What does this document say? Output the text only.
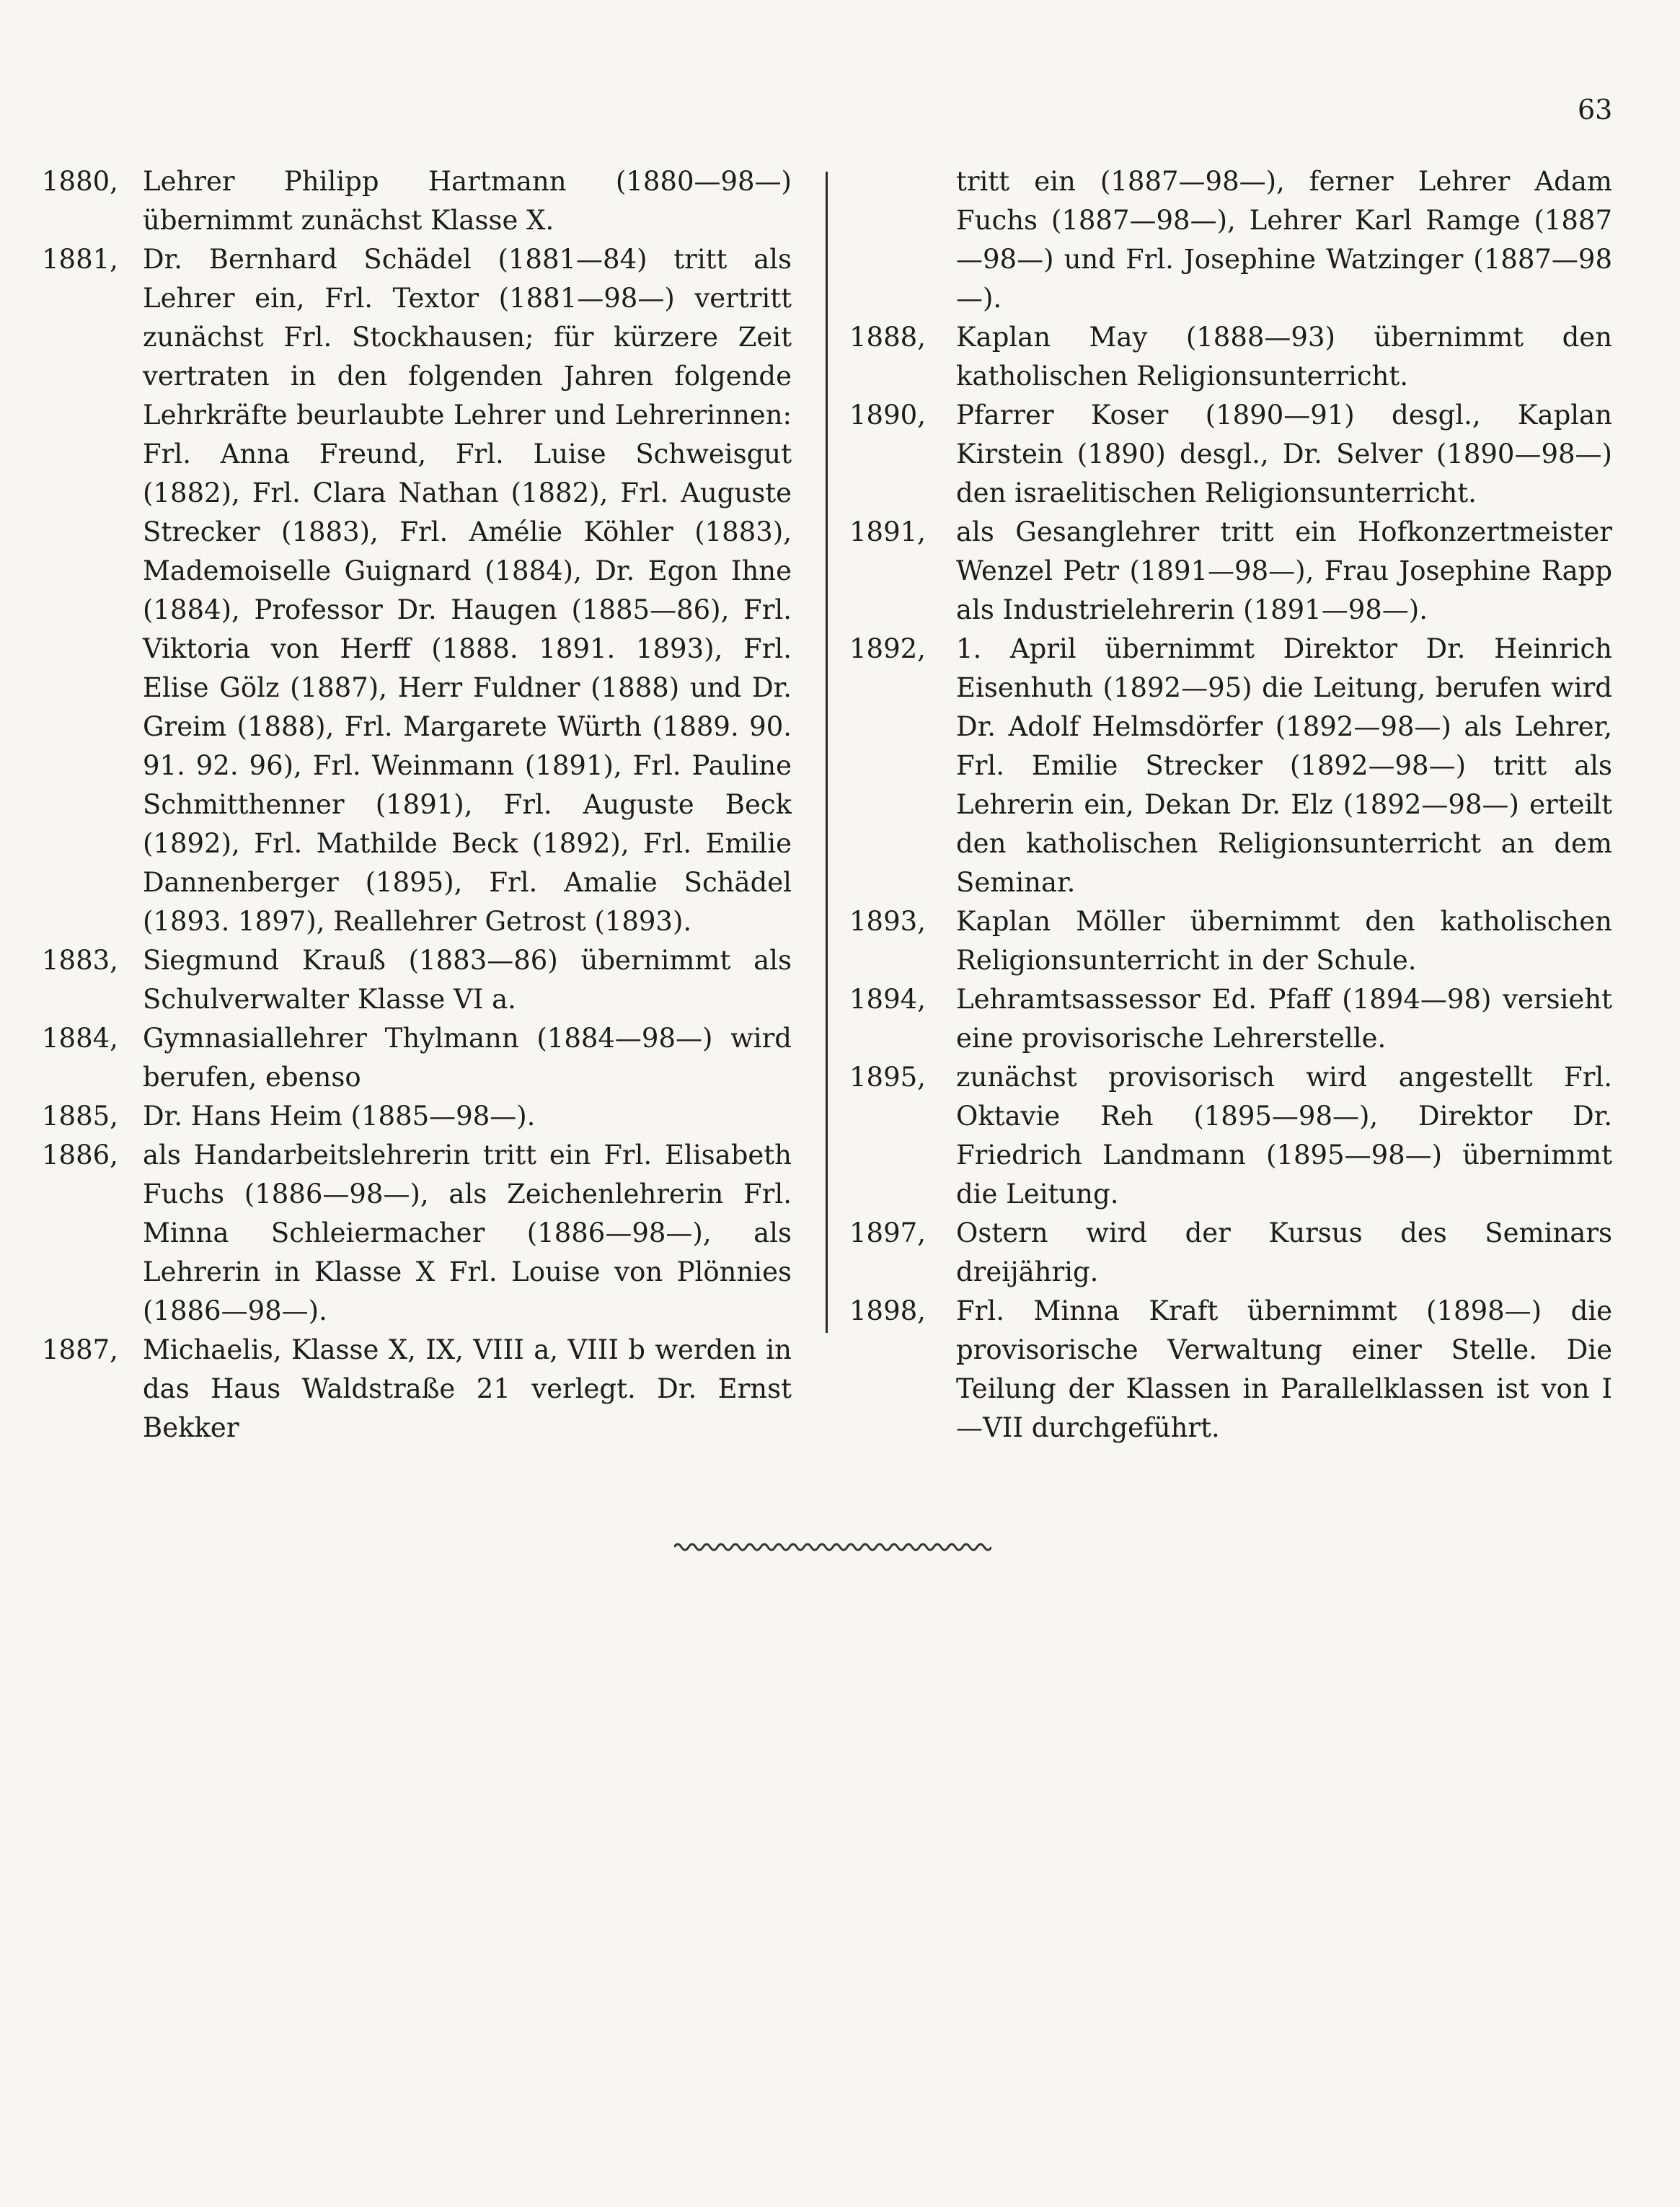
63
1880, Lehrer Philipp Hartmann (1880—98—) übernimmt zunächst Klasse X.
1881, Dr. Bernhard Schädel (1881—84) tritt als Lehrer ein, Frl. Textor (1881—98—) vertritt zunächst Frl. Stockhausen; für kürzere Zeit vertraten in den folgenden Jahren folgende Lehrkräfte beurlaubte Lehrer und Lehrerinnen: Frl. Anna Freund, Frl. Luise Schweisgut (1882), Frl. Clara Nathan (1882), Frl. Auguste Strecker (1883), Frl. Amélie Köhler (1883), Mademoiselle Guignard (1884), Dr. Egon Ihne (1884), Professor Dr. Haugen (1885—86), Frl. Viktoria von Herff (1888. 1891. 1893), Frl. Elise Gölz (1887), Herr Fuldner (1888) und Dr. Greim (1888), Frl. Margarete Würth (1889. 90. 91. 92. 96), Frl. Weinmann (1891), Frl. Pauline Schmitthenner (1891), Frl. Auguste Beck (1892), Frl. Mathilde Beck (1892), Frl. Emilie Dannenberger (1895), Frl. Amalie Schädel (1893. 1897), Reallehrer Getrost (1893).
1883, Siegmund Krauß (1883—86) übernimmt als Schulverwalter Klasse VI a.
1884, Gymnasiallehrer Thylmann (1884—98—) wird berufen, ebenso
1885, Dr. Hans Heim (1885—98—).
1886, als Handarbeitslehrerin tritt ein Frl. Elisabeth Fuchs (1886—98—), als Zeichenlehrerin Frl. Minna Schleiermacher (1886—98—), als Lehrerin in Klasse X Frl. Louise von Plönnies (1886—98—).
1887, Michaelis, Klasse X, IX, VIII a, VIII b werden in das Haus Waldstraße 21 verlegt. Dr. Ernst Bekker
tritt ein (1887—98—), ferner Lehrer Adam Fuchs (1887—98—), Lehrer Karl Ramge (1887—98—) und Frl. Josephine Watzinger (1887—98—).
1888,	Kaplan May (1888—93) übernimmt den katholischen Religionsunterricht.
1890,	Pfarrer Koser (1890—91) desgl., Kaplan Kirstein (1890) desgl., Dr. Selver (1890—98—) den israelitischen Religionsunterricht.
1891,	als Gesanglehrer tritt ein Hofkonzertmeister Wenzel Petr (1891—98—), Frau Josephine Rapp als Industrielehrerin (1891—98—).
1892,	1. April übernimmt Direktor Dr. Heinrich Eisenhuth (1892—95) die Leitung, berufen wird Dr. Adolf Helmsdörfer (1892—98—) als Lehrer, Frl. Emilie Strecker (1892—98—) tritt als Lehrerin ein, Dekan Dr. Elz (1892—98—) erteilt den katholischen Religionsunterricht an dem Seminar.
1893,	Kaplan Möller übernimmt den katholischen Religionsunterricht in der Schule.
1894,	Lehramtsassessor Ed. Pfaff (1894—98) versieht eine provisorische Lehrerstelle.
1895,	zunächst provisorisch wird angestellt Frl. Oktavie Reh (1895—98—), Direktor Dr. Friedrich Landmann (1895—98—) übernimmt die Leitung.
1897,	Ostern wird der Kursus des Seminars dreijährig.
1898,	Frl. Minna Kraft übernimmt (1898—) die provisorische Verwaltung einer Stelle. Die Teilung der Klassen in Parallelklassen ist von I—VII durchgeführt.
